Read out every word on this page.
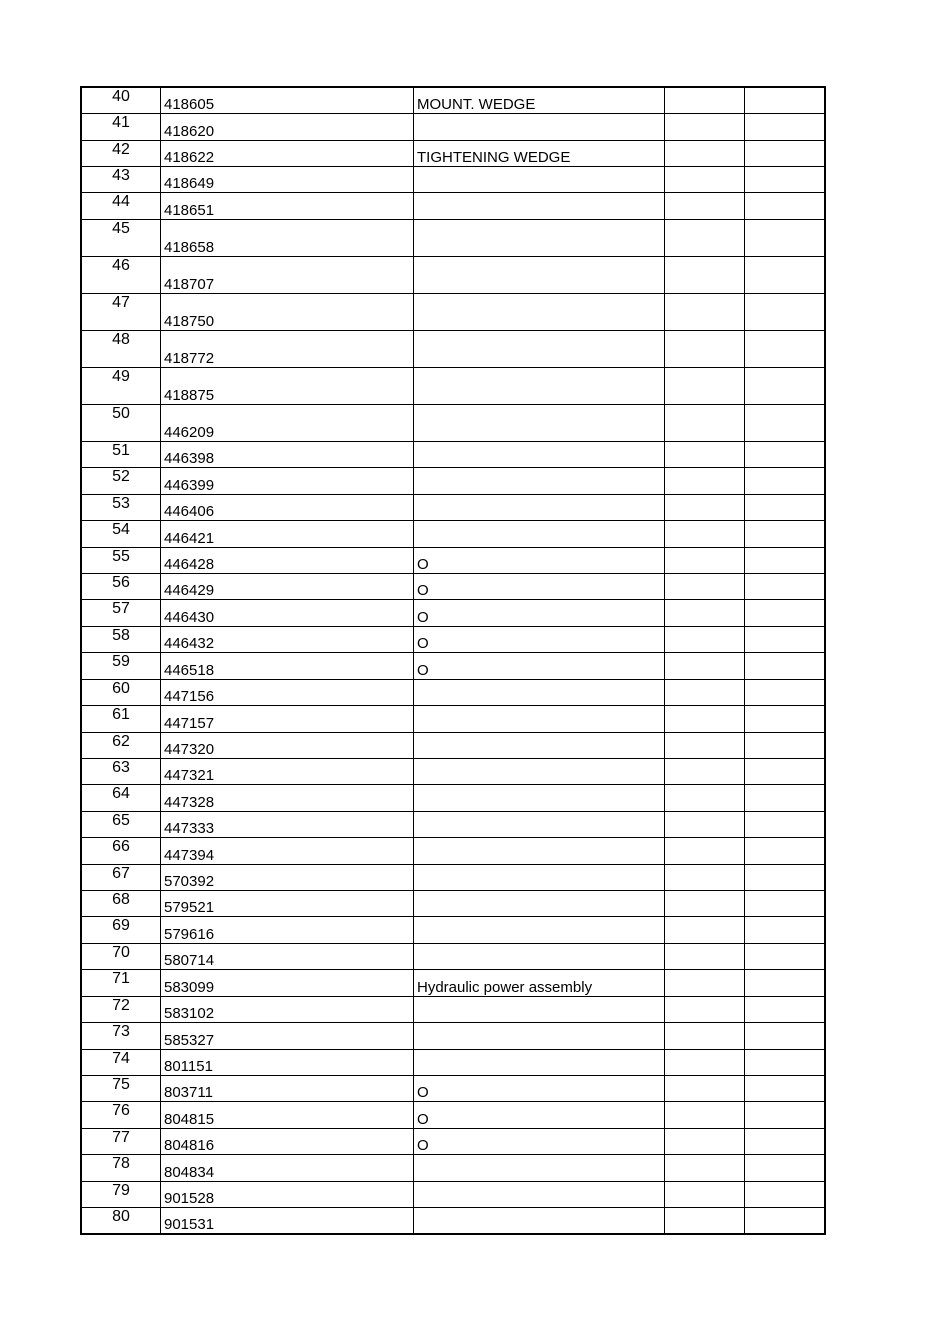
40	418605	MOUNT. WEDGE		
41	418620			
42	418622	TIGHTENING WEDGE		
43	418649			
44	418651			
45	418658			
46	418707			
47	418750			
48	418772			
49	418875			
50	446209			
51	446398			
52	446399			
53	446406			
54	446421			
55	446428	O		
56	446429	O		
57	446430	O		
58	446432	O		
59	446518	O		
60	447156			
61	447157			
62	447320			
63	447321			
64	447328			
65	447333			
66	447394			
67	570392			
68	579521			
69	579616			
70	580714			
71	583099	Hydraulic power assembly		
72	583102			
73	585327			
74	801151			
75	803711	O		
76	804815	O		
77	804816	O		
78	804834			
79	901528			
80	901531			
